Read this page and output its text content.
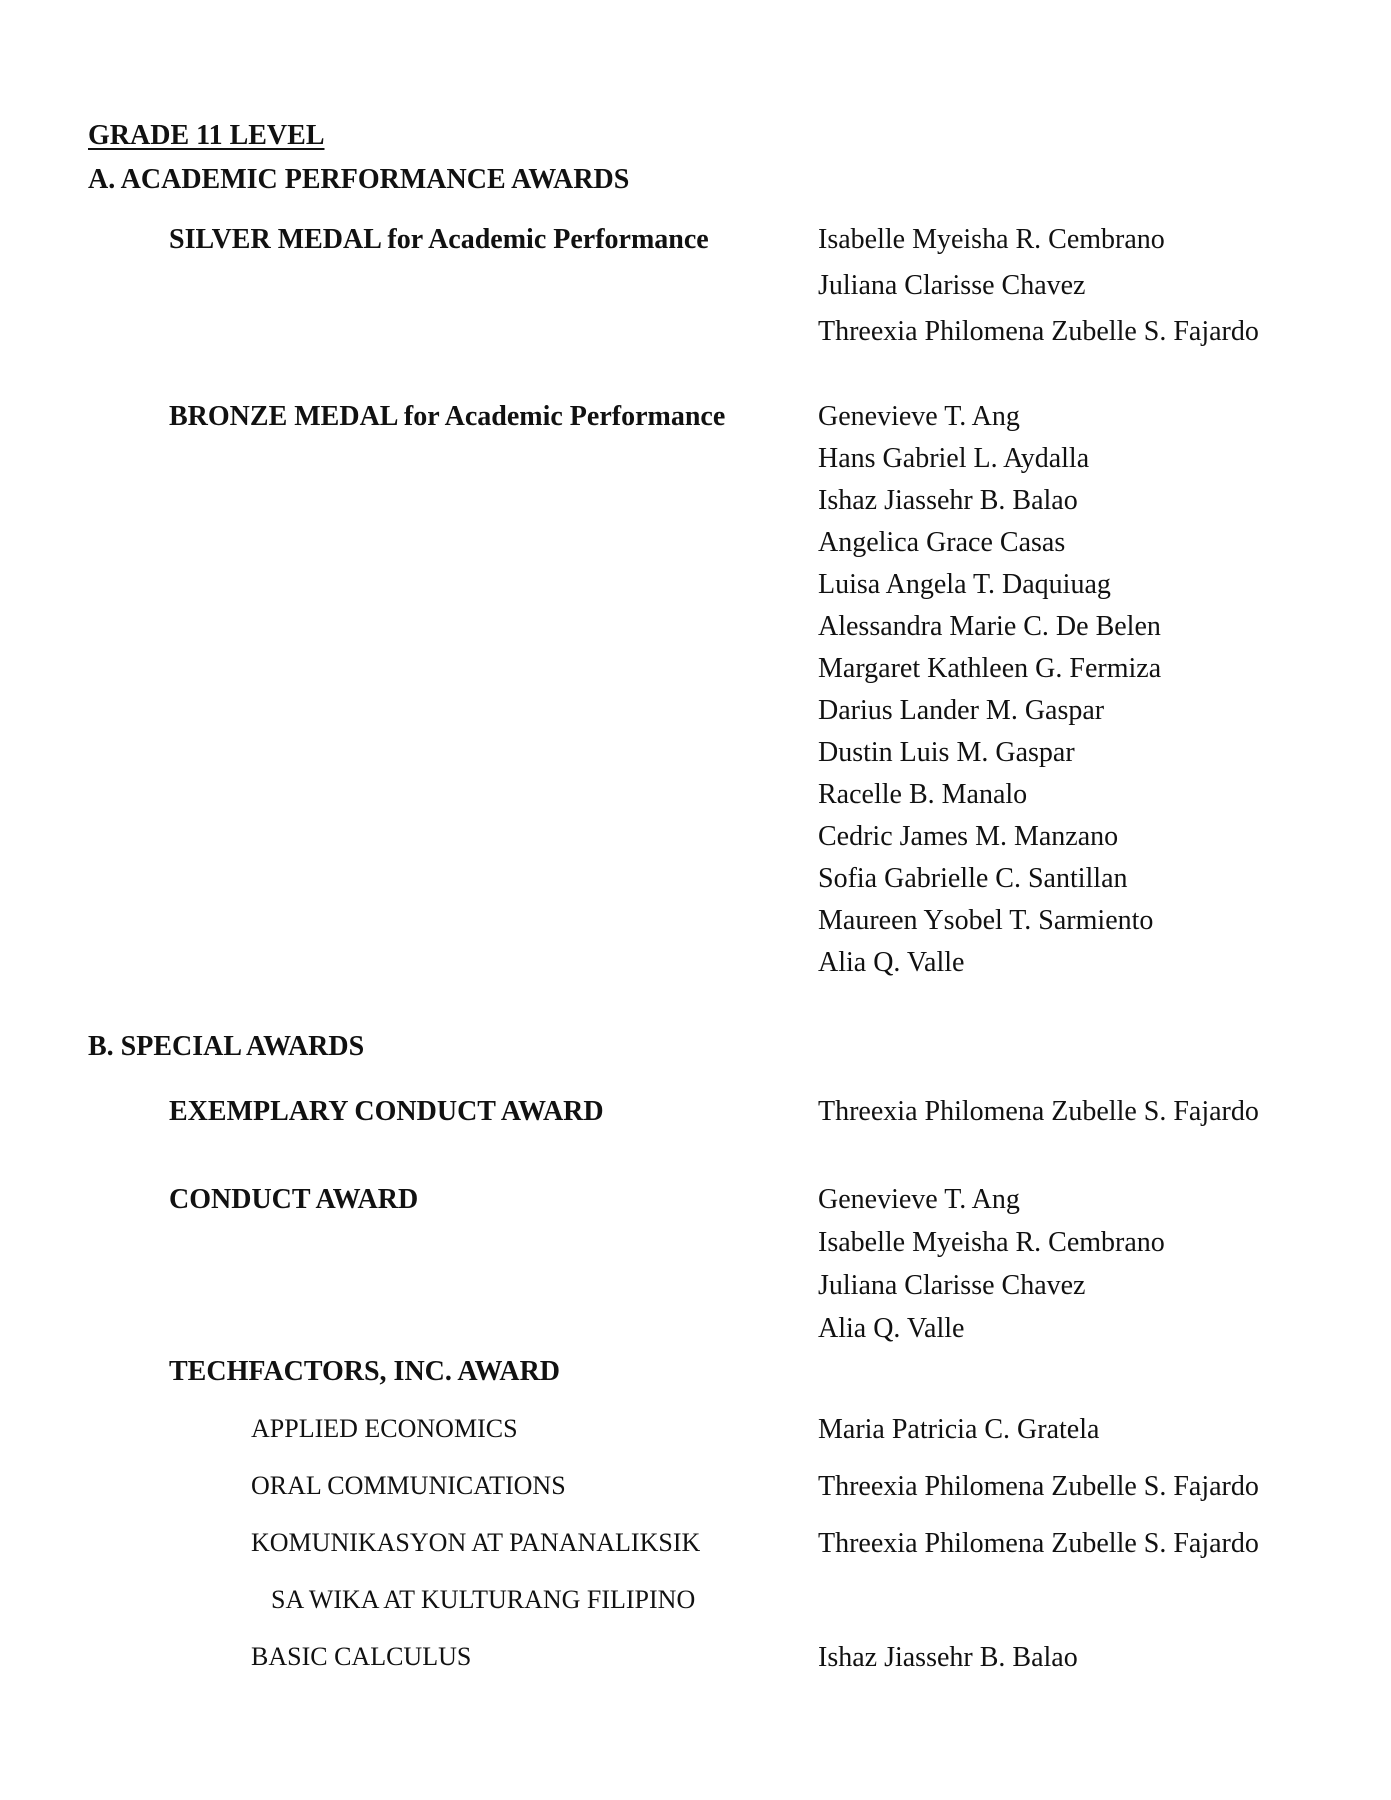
GRADE 11 LEVEL
A. ACADEMIC PERFORMANCE AWARDS
SILVER MEDAL for Academic Performance	Isabelle Myeisha R. Cembrano
Juliana Clarisse Chavez
Threexia Philomena Zubelle S. Fajardo
BRONZE MEDAL for Academic Performance	Genevieve T. Ang
Hans Gabriel L. Aydalla
Ishaz Jiassehr B. Balao
Angelica Grace Casas
Luisa Angela T. Daquiuag
Alessandra Marie C. De Belen
Margaret Kathleen G. Fermiza
Darius Lander M. Gaspar
Dustin Luis M. Gaspar
Racelle B. Manalo
Cedric James M. Manzano
Sofia Gabrielle C. Santillan
Maureen Ysobel T. Sarmiento
Alia Q. Valle
B. SPECIAL AWARDS
EXEMPLARY CONDUCT AWARD	Threexia Philomena Zubelle S. Fajardo
CONDUCT AWARD	Genevieve T. Ang
Isabelle Myeisha R. Cembrano
Juliana Clarisse Chavez
Alia Q. Valle
TECHFACTORS, INC. AWARD
APPLIED ECONOMICS	Maria Patricia C. Gratela
ORAL COMMUNICATIONS	Threexia Philomena Zubelle S. Fajardo
KOMUNIKASYON AT PANANALIKSIK	Threexia Philomena Zubelle S. Fajardo
SA WIKA AT KULTURANG FILIPINO
BASIC CALCULUS	Ishaz Jiassehr B. Balao
